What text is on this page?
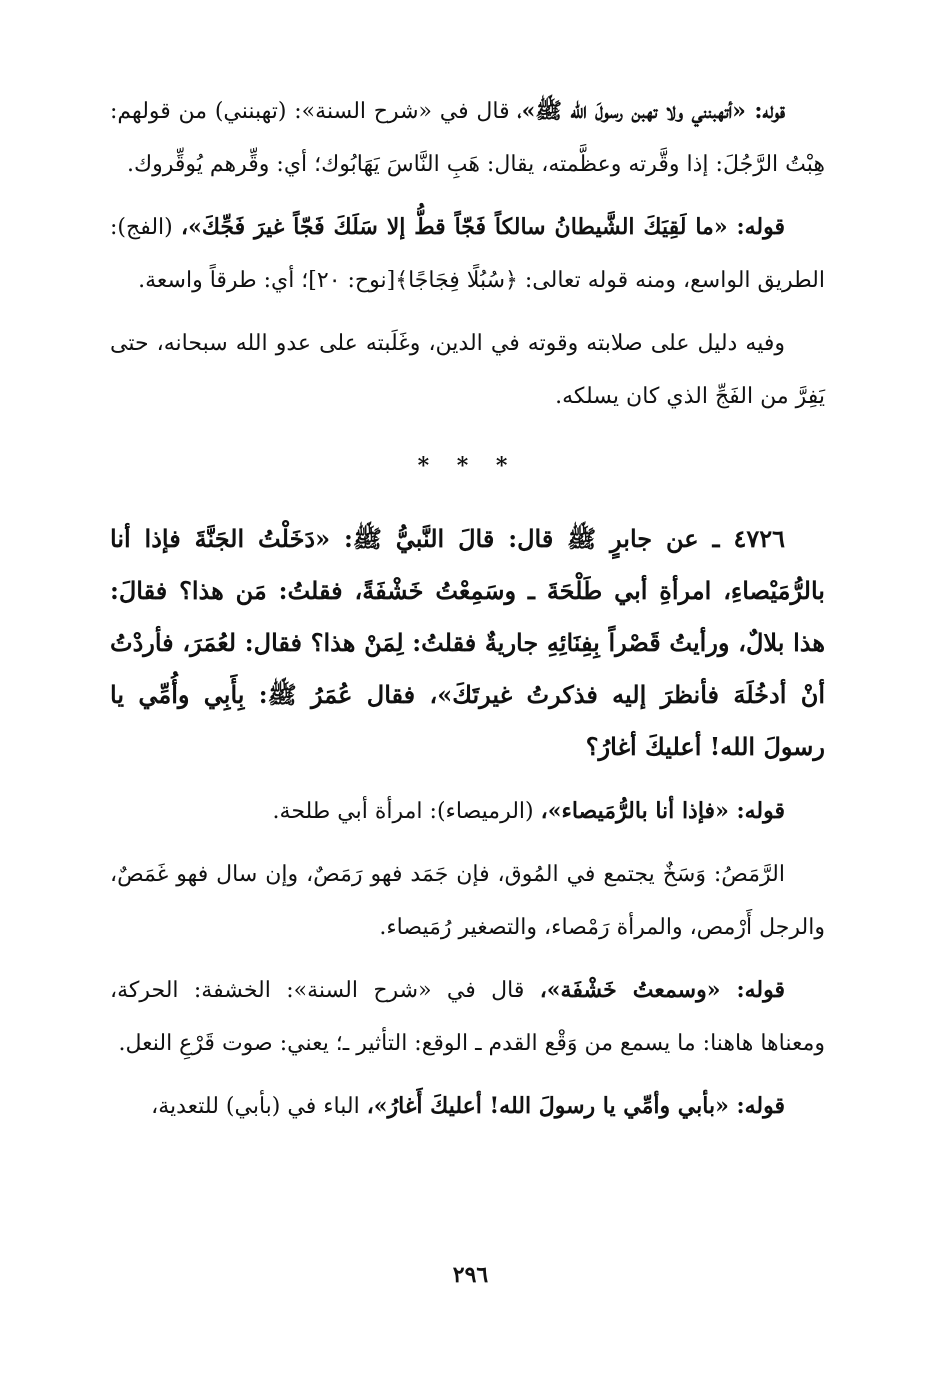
قوله: «أتهبنني ولا تهبن رسولَ الله ﷺ»، قال في «شرح السنة»: (تهبنني) من قولهم: هِبْتُ الرَّجُلَ: إذا وقَّرته وعظَّمته، يقال: هَبِ النَّاسَ يَهَابُوك؛ أي: وقِّرهم يُوقِّروك.

قوله: «ما لَقِيَكَ الشَّيطانُ سالكاً فَجّاً قطُّ إلا سَلَكَ فَجّاً غيرَ فَجِّكَ»، (الفج): الطريق الواسع، ومنه قوله تعالى: ﴿سُبُلًا فِجَاجًا﴾[نوح: ٢٠]؛ أي: طرقاً واسعة.

وفيه دليل على صلابته وقوته في الدين، وغَلَبته على عدو الله سبحانه، حتى يَفِرَّ من الفَجِّ الذي كان يسلكه.

* * *

٤٧٢٦ ـ عن جابرٍ ﷺ قال: قالَ النَّبيُّ ﷺ: «دَخَلْتُ الجَنَّةَ فإذا أنا بالرُّمَيْصاءِ، امرأةِ أبي طَلْحَةَ ـ وسَمِعْتُ خَشْفَةً، فقلتُ: مَن هذا؟ فقالَ: هذا بلالٌ، ورأيتُ قَصْراً بِفِنَائِهِ جاريةٌ فقلتُ: لِمَنْ هذا؟ فقال: لعُمَرَ، فأردْتُ أنْ أدخُلَهَ فأنظرَ إليه فذكرتُ غيرتَكَ»، فقال عُمَرُ ﷺ: بِأَبِي وأُمِّي يا رسولَ الله! أعليكَ أغارُ؟

قوله: «فإذا أنا بالرُّمَيصاء»، (الرميصاء): امرأة أبي طلحة.

الرَّمَصُ: وَسَخٌ يجتمع في المُوق، فإن جَمَد فهو رَمَصٌ، وإن سال فهو غَمَصٌ، والرجل أَرْمص، والمرأة رَمْصاء، والتصغير رُمَيصاء.

قوله: «وسمعتُ خَشْفَة»، قال في «شرح السنة»: الخشفة: الحركة، ومعناها هاهنا: ما يسمع من وَقْع القدم ـ الوقع: التأثير ـ؛ يعني: صوت قَرْعِ النعل.

قوله: «بأبي وأمِّي يا رسولَ الله! أعليكَ أَغارُ»، الباء في (بأبي) للتعدية،

٢٩٦
